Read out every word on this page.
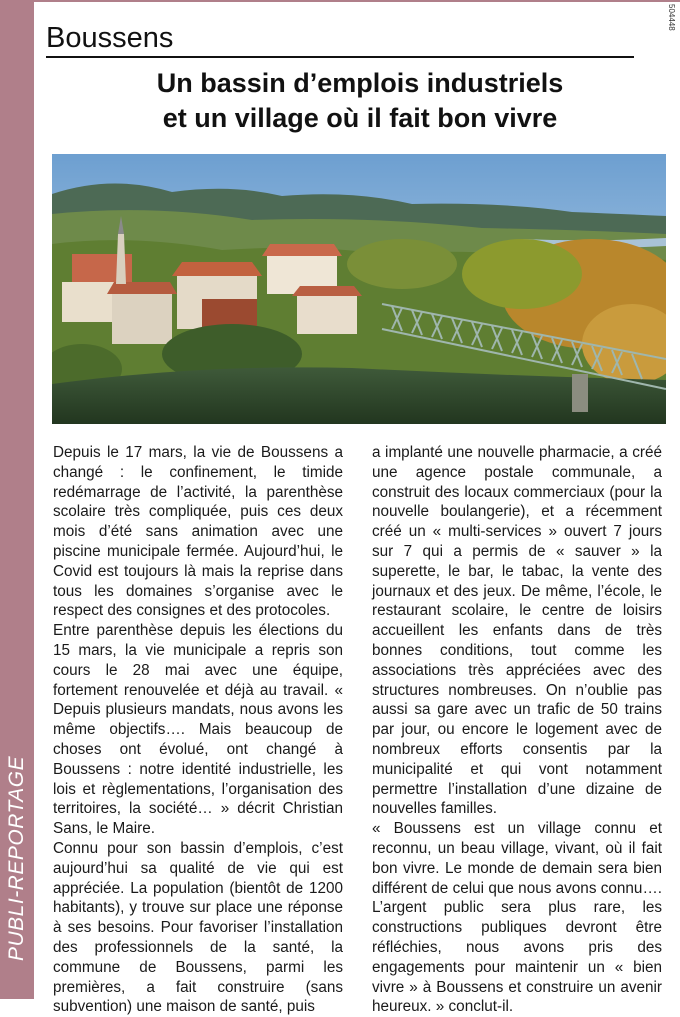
PUBLI-REPORTAGE
504448
Boussens
Un bassin d’emplois industriels
et un village où il fait bon vivre

Depuis le 17 mars, la vie de Boussens a changé : le confinement, le timide redémarrage de l’activité, la parenthèse scolaire très compliquée, puis ces deux mois d’été sans animation avec une piscine municipale fermée. Aujourd’hui, le Covid est toujours là mais la reprise dans tous les domaines s’organise avec le respect des consignes et des protocoles.

Entre parenthèse depuis les élections du 15 mars, la vie municipale a repris son cours le 28 mai avec une équipe, fortement renouvelée et déjà au travail. « Depuis plusieurs mandats, nous avons les même objectifs…. Mais beaucoup de choses ont évolué, ont changé à Boussens : notre identité industrielle, les lois et règlementations, l’organisation des territoires, la société… » décrit Christian Sans, le Maire.

Connu pour son bassin d’emplois, c’est aujourd’hui sa qualité de vie qui est appréciée. La population (bientôt de 1200 habitants), y trouve sur place une réponse à ses besoins. Pour favoriser l’installation des professionnels de la santé, la commune de Boussens, parmi les premières, a fait construire (sans subvention) une maison de santé, puis

a implanté une nouvelle pharmacie, a créé une agence postale communale, a construit des locaux commerciaux (pour la nouvelle boulangerie), et a récemment créé un « multi-services » ouvert 7 jours sur 7 qui a permis de « sauver » la superette, le bar, le tabac, la vente des journaux et des jeux. De même, l’école, le restaurant scolaire, le centre de loisirs accueillent les enfants dans de très bonnes conditions, tout comme les associations très appréciées avec des structures nombreuses. On n’oublie pas aussi sa gare avec un trafic de 50 trains par jour, ou encore le logement avec de nombreux efforts consentis par la municipalité et qui vont notamment permettre l’installation d’une dizaine de nouvelles familles.

« Boussens est un village connu et reconnu, un beau village, vivant, où il fait bon vivre. Le monde de demain sera bien différent de celui que nous avons connu…. L’argent public sera plus rare, les constructions publiques devront être réfléchies, nous avons pris des engagements pour maintenir un « bien vivre » à Boussens et construire un avenir heureux. » conclut-il.
